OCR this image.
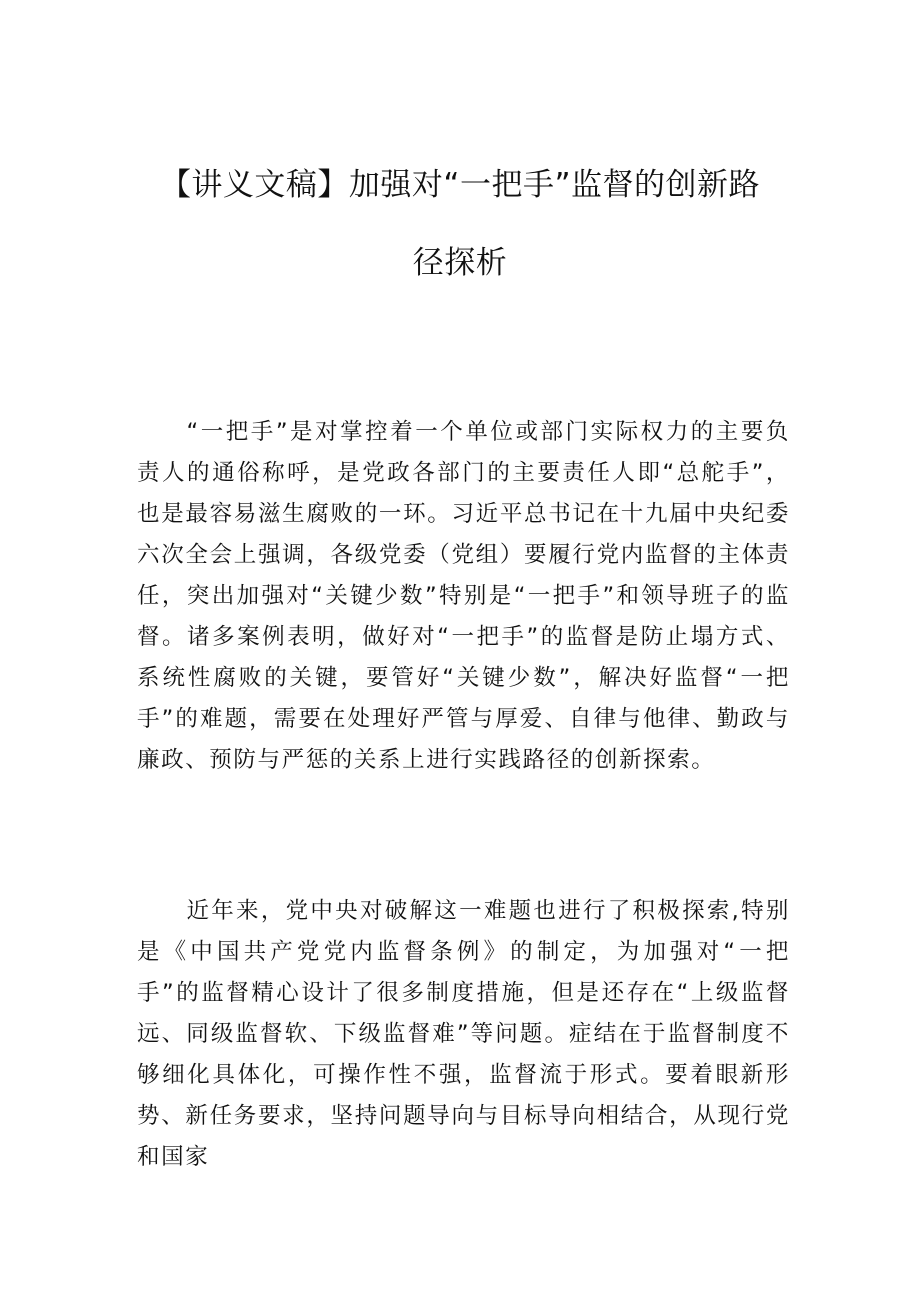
【讲义文稿】加强对“一把手”监督的创新路
径探析

“一把手”是对掌控着一个单位或部门实际权力的主要负责人的通俗称呼，是党政各部门的主要责任人即“总舵手”，也是最容易滋生腐败的一环。习近平总书记在十九届中央纪委六次全会上强调，各级党委（党组）要履行党内监督的主体责任，突出加强对“关键少数”特别是“一把手”和领导班子的监督。诸多案例表明，做好对“一把手”的监督是防止塌方式、系统性腐败的关键，要管好“关键少数”，解决好监督“一把手”的难题，需要在处理好严管与厚爱、自律与他律、勤政与廉政、预防与严惩的关系上进行实践路径的创新探索。

近年来，党中央对破解这一难题也进行了积极探索,特别是《中国共产党党内监督条例》的制定，为加强对“一把手”的监督精心设计了很多制度措施，但是还存在“上级监督远、同级监督软、下级监督难”等问题。症结在于监督制度不够细化具体化，可操作性不强，监督流于形式。要着眼新形势、新任务要求，坚持问题导向与目标导向相结合，从现行党和国家
